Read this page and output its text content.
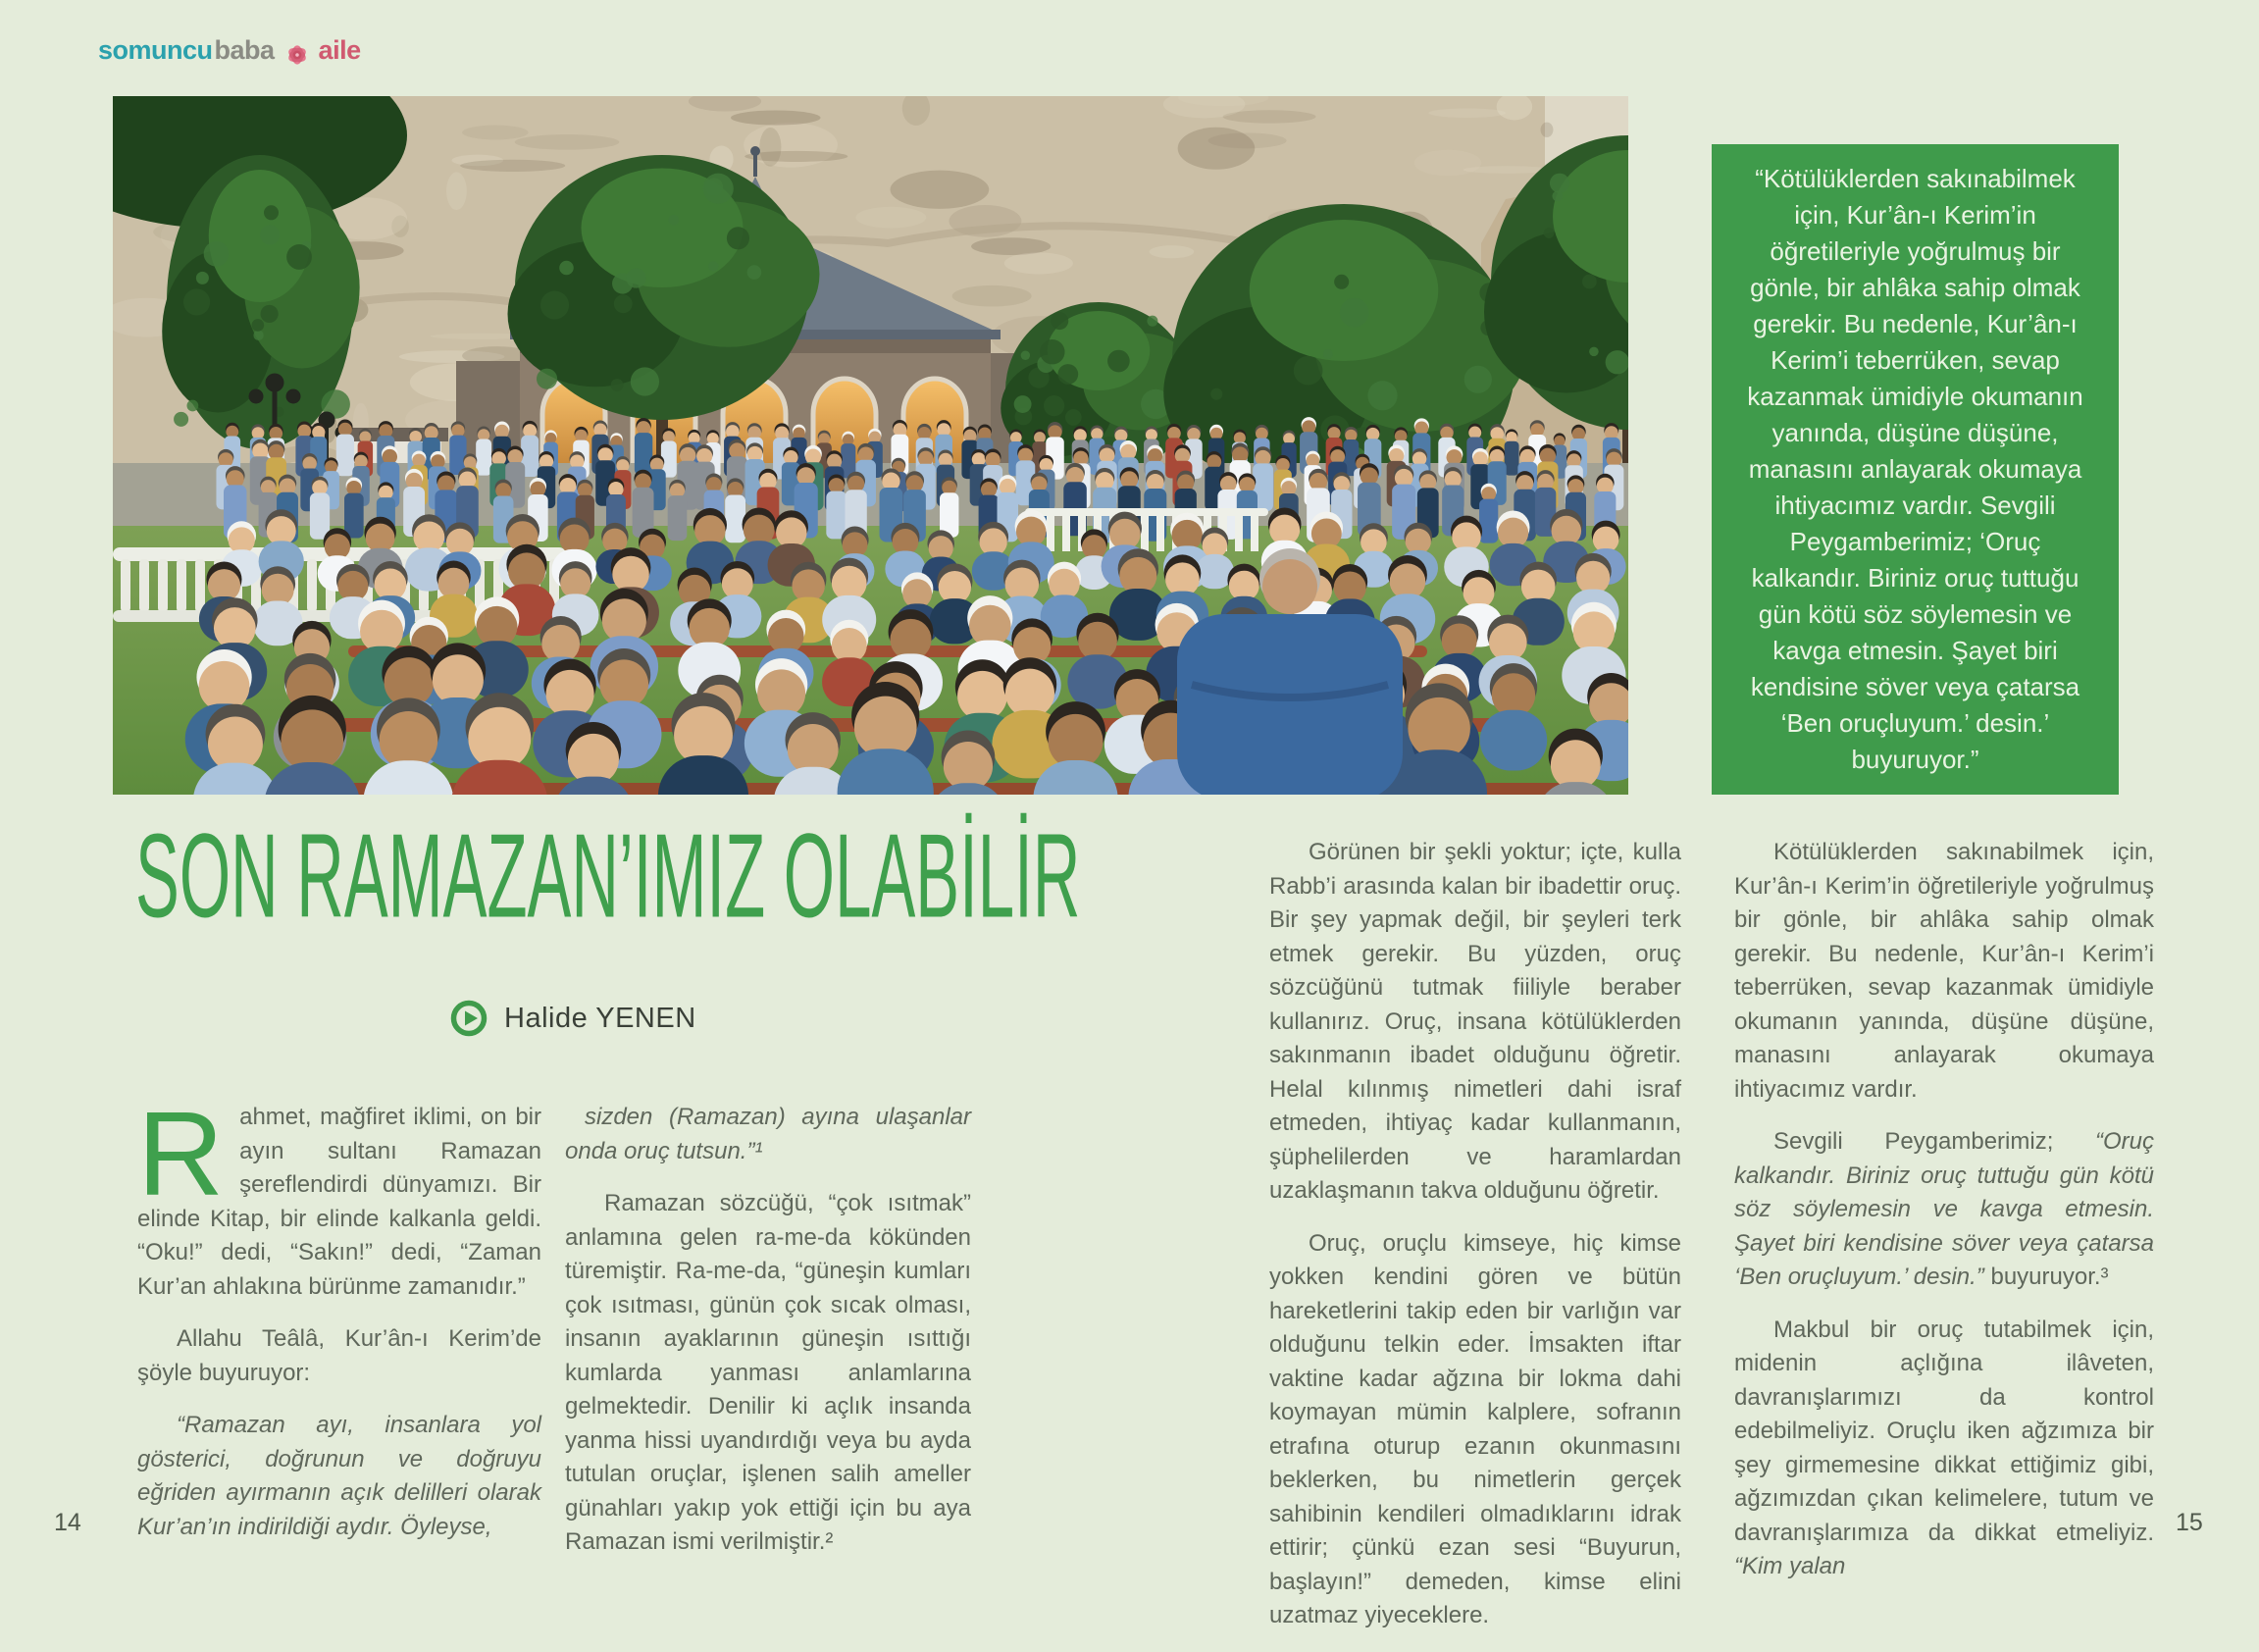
somuncu baba aile

“Kötülüklerden sakınabilmek için, Kur’ân-ı Kerim’in öğretileriyle yoğrulmuş bir gönle, bir ahlâka sahip olmak gerekir. Bu nedenle, Kur’ân-ı Kerim’i teberrüken, sevap kazanmak ümidiyle okumanın yanında, düşüne düşüne, manasını anlayarak okumaya ihtiyacımız vardır. Sevgili Peygamberimiz; ‘Oruç kalkandır. Biriniz oruç tuttuğu gün kötü söz söylemesin ve kavga etmesin. Şayet biri kendisine söver veya çatarsa ‘Ben oruçluyum.’ desin.’ buyuruyor.”

SON RAMAZAN’IMIZ OLABİLİR
Halide YENEN

Rahmet, mağfiret iklimi, on bir ayın sultanı Ramazan şereflendirdi dünyamızı. Bir elinde Kitap, bir elinde kalkanla geldi. “Oku!” dedi, “Sakın!” dedi, “Zaman Kur’an ahlakına bürünme zamanıdır.”

Allahu Teâlâ, Kur’ân-ı Kerim’de şöyle buyuruyor:

“Ramazan ayı, insanlara yol gösterici, doğrunun ve doğruyu eğriden ayırmanın açık delilleri olarak Kur’an’ın indirildiği aydır. Öyleyse,

sizden (Ramazan) ayına ulaşanlar onda oruç tutsun.”¹

Ramazan sözcüğü, “çok ısıtmak” anlamına gelen ra-me-da kökünden türemiştir. Ra-me-da, “güneşin kumları çok ısıtması, günün çok sıcak olması, insanın ayaklarının güneşin ısıttığı kumlarda yanması anlamlarına gelmektedir. Denilir ki açlık insanda yanma hissi uyandırdığı veya bu ayda tutulan oruçlar, işlenen salih ameller günahları yakıp yok ettiği için bu aya Ramazan ismi verilmiştir.²

Görünen bir şekli yoktur; içte, kulla Rabb’i arasında kalan bir ibadettir oruç. Bir şey yapmak değil, bir şeyleri terk etmek gerekir. Bu yüzden, oruç sözcüğünü tutmak fiiliyle beraber kullanırız. Oruç, insana kötülüklerden sakınmanın ibadet olduğunu öğretir. Helal kılınmış nimetleri dahi israf etmeden, ihtiyaç kadar kullanmanın, şüphelilerden ve haramlardan uzaklaşmanın takva olduğunu öğretir.

Oruç, oruçlu kimseye, hiç kimse yokken kendini gören ve bütün hareketlerini takip eden bir varlığın var olduğunu telkin eder. İmsakten iftar vaktine kadar ağzına bir lokma dahi koymayan mümin kalplere, sofranın etrafına oturup ezanın okunmasını beklerken, bu nimetlerin gerçek sahibinin kendileri olmadıklarını idrak ettirir; çünkü ezan sesi “Buyurun, başlayın!” demeden, kimse elini uzatmaz yiyeceklere.

Kötülüklerden sakınabilmek için, Kur’ân-ı Kerim’in öğretileriyle yoğrulmuş bir gönle, bir ahlâka sahip olmak gerekir. Bu nedenle, Kur’ân-ı Kerim’i teberrüken, sevap kazanmak ümidiyle okumanın yanında, düşüne düşüne, manasını anlayarak okumaya ihtiyacımız vardır.

Sevgili Peygamberimiz; “Oruç kalkandır. Biriniz oruç tuttuğu gün kötü söz söylemesin ve kavga etmesin. Şayet biri kendisine söver veya çatarsa ‘Ben oruçluyum.’ desin.” buyuruyor.³

Makbul bir oruç tutabilmek için, midenin açlığına ilâveten, davranışlarımızı da kontrol edebilmeliyiz. Oruçlu iken ağzımıza bir şey girmemesine dikkat ettiğimiz gibi, ağzımızdan çıkan kelimelere, tutum ve davranışlarımıza da dikkat etmeliyiz. “Kim yalan

14	15
